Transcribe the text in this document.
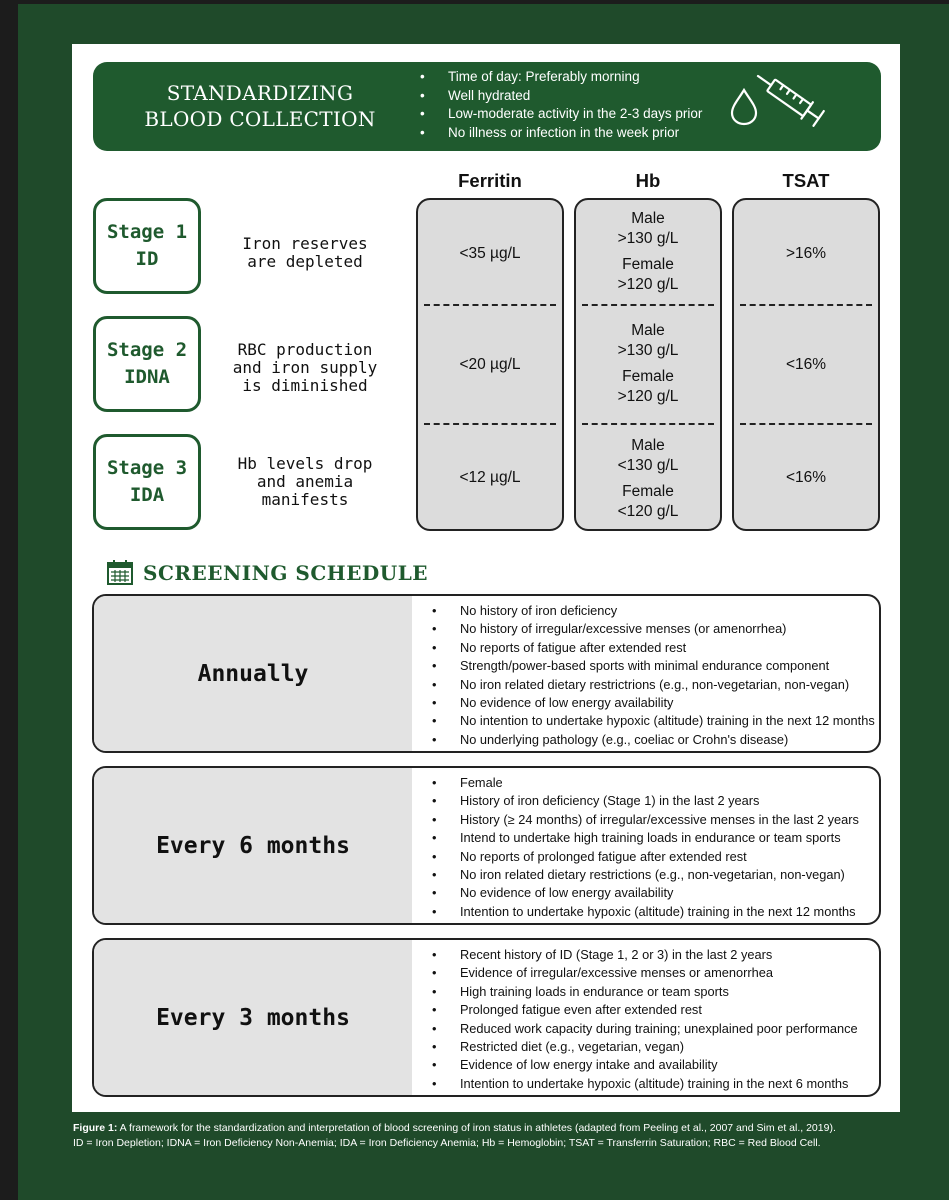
STANDARDIZING
BLOOD COLLECTION
• Time of day: Preferably morning
• Well hydrated
• Low-moderate activity in the 2-3 days prior
• No illness or infection in the week prior
Ferritin	Hb	TSAT
Stage 1
ID
Stage 2
IDNA
Stage 3
IDA
Iron reserves
are depleted
RBC production
and iron supply
is diminished
Hb levels drop
and anemia
manifests
<35 µg/L
<20 µg/L
<12 µg/L
Male
>130 g/L
Female
>120 g/L
Male
>130 g/L
Female
>120 g/L
Male
<130 g/L
Female
<120 g/L
>16%
<16%
<16%
SCREENING SCHEDULE
Annually
• No history of iron deficiency
• No history of irregular/excessive menses (or amenorrhea)
• No reports of fatigue after extended rest
• Strength/power-based sports with minimal endurance component
• No iron related dietary restrictrions (e.g., non-vegetarian, non-vegan)
• No evidence of low energy availability
• No intention to undertake hypoxic (altitude) training in the next 12 months
• No underlying pathology (e.g., coeliac or Crohn's disease)
Every 6 months
• Female
• History of iron deficiency (Stage 1) in the last 2 years
• History (≥ 24 months) of irregular/excessive menses in the last 2 years
• Intend to undertake high training loads in endurance or team sports
• No reports of prolonged fatigue after extended rest
• No iron related dietary restrictions (e.g., non-vegetarian, non-vegan)
• No evidence of low energy availability
• Intention to undertake hypoxic (altitude) training in the next 12 months
Every 3 months
• Recent history of ID (Stage 1, 2 or 3) in the last 2 years
• Evidence of irregular/excessive menses or amenorrhea
• High training loads in endurance or team sports
• Prolonged fatigue even after extended rest
• Reduced work capacity during training; unexplained poor performance
• Restricted diet (e.g., vegetarian, vegan)
• Evidence of low energy intake and availability
• Intention to undertake hypoxic (altitude) training in the next 6 months
Figure 1: A framework for the standardization and interpretation of blood screening of iron status in athletes (adapted from Peeling et al., 2007 and Sim et al., 2019).
ID = Iron Depletion; IDNA = Iron Deficiency Non-Anemia; IDA = Iron Deficiency Anemia; Hb = Hemoglobin; TSAT = Transferrin Saturation; RBC = Red Blood Cell.
